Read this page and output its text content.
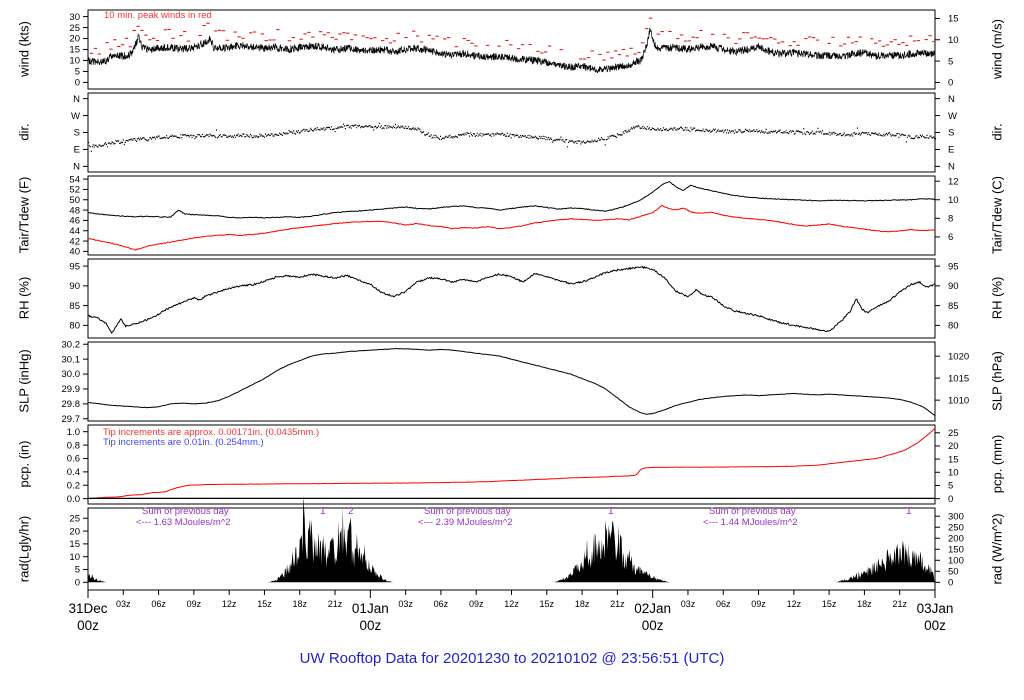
0
5
10
15
20
25
30
0
5
10
15
N
W
S
E
N
N
W
S
E
N
40
42
44
46
48
50
52
54
6
8
10
12
80
85
90
95
80
85
90
95
29.7
29.8
29.9
30.0
30.1
30.2
1010
1015
1020
0.0
0.2
0.4
0.6
0.8
1.0
0
5
10
15
20
25
0
5
10
15
20
25
0
50
100
150
200
250
300
31Dec
00z
01Jan
00z
02Jan
00z
03Jan
00z
03z 06z 09z 12z 15z 18z 21z	03z 06z 09z 12z 15z 18z 21z	03z 06z 09z 12z 15z 18z 21z
wind (kts)
dir.
Tair/Tdew (F)
RH (%)
SLP (inHg)
pcp. (in)
rad(Lgly/hr)
wind (m/s)
dir.
Tair/Tdew (C)
RH (%)
SLP (hPa)
pcp. (mm)
rad (W/m^2)
10 min. peak winds in red
Tip increments are approx. 0.00171in. (0.0435mm.)
Tip increments are 0.01in. (0.254mm.)
Sum of previous day
<--- 1.63 MJoules/m^2
Sum of previous day
<--- 2.39 MJoules/m^2
Sum of previous day
<--- 1.44 MJoules/m^2
1 2	1	1
UW Rooftop Data for 20201230 to 20210102 @ 23:56:51 (UTC)
